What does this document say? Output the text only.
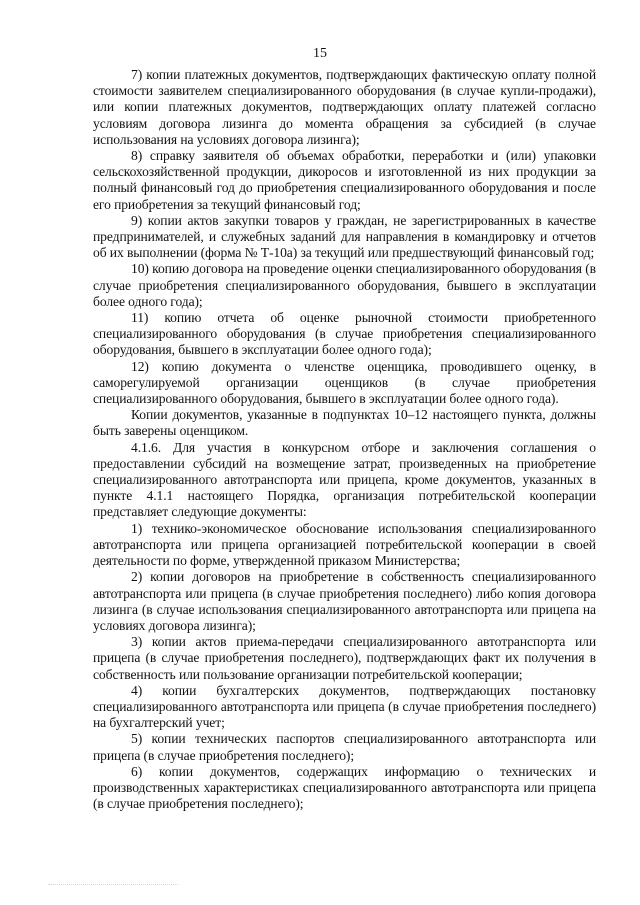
15

7) копии платежных документов, подтверждающих фактическую оплату полной стоимости заявителем специализированного оборудования (в случае купли-продажи), или копии платежных документов, подтверждающих оплату платежей согласно условиям договора лизинга до момента обращения за субсидией (в случае использования на условиях договора лизинга);

8) справку заявителя об объемах обработки, переработки и (или) упаковки сельскохозяйственной продукции, дикоросов и изготовленной из них продукции за полный финансовый год до приобретения специализированного оборудования и после его приобретения за текущий финансовый год;

9) копии актов закупки товаров у граждан, не зарегистрированных в качестве предпринимателей, и служебных заданий для направления в командировку и отчетов об их выполнении (форма № Т-10а) за текущий или предшествующий финансовый год;

10) копию договора на проведение оценки специализированного оборудования (в случае приобретения специализированного оборудования, бывшего в эксплуатации более одного года);

11) копию отчета об оценке рыночной стоимости приобретенного специализированного оборудования (в случае приобретения специализированного оборудования, бывшего в эксплуатации более одного года);

12) копию документа о членстве оценщика, проводившего оценку, в саморегулируемой организации оценщиков (в случае приобретения специализированного оборудования, бывшего в эксплуатации более одного года).

Копии документов, указанные в подпунктах 10–12 настоящего пункта, должны быть заверены оценщиком.

4.1.6. Для участия в конкурсном отборе и заключения соглашения о предоставлении субсидий на возмещение затрат, произведенных на приобретение специализированного автотранспорта или прицепа, кроме документов, указанных в пункте 4.1.1 настоящего Порядка, организация потребительской кооперации представляет следующие документы:

1) технико-экономическое обоснование использования специализированного автотранспорта или прицепа организацией потребительской кооперации в своей деятельности по форме, утвержденной приказом Министерства;

2) копии договоров на приобретение в собственность специализированного автотранспорта или прицепа (в случае приобретения последнего) либо копия договора лизинга (в случае использования специализированного автотранспорта или прицепа на условиях договора лизинга);

3) копии актов приема-передачи специализированного автотранспорта или прицепа (в случае приобретения последнего), подтверждающих факт их получения в собственность или пользование организации потребительской кооперации;

4) копии бухгалтерских документов, подтверждающих постановку специализированного автотранспорта или прицепа (в случае приобретения последнего) на бухгалтерский учет;

5) копии технических паспортов специализированного автотранспорта или прицепа (в случае приобретения последнего);

6) копии документов, содержащих информацию о технических и производственных характеристиках специализированного автотранспорта или прицепа (в случае приобретения последнего);
